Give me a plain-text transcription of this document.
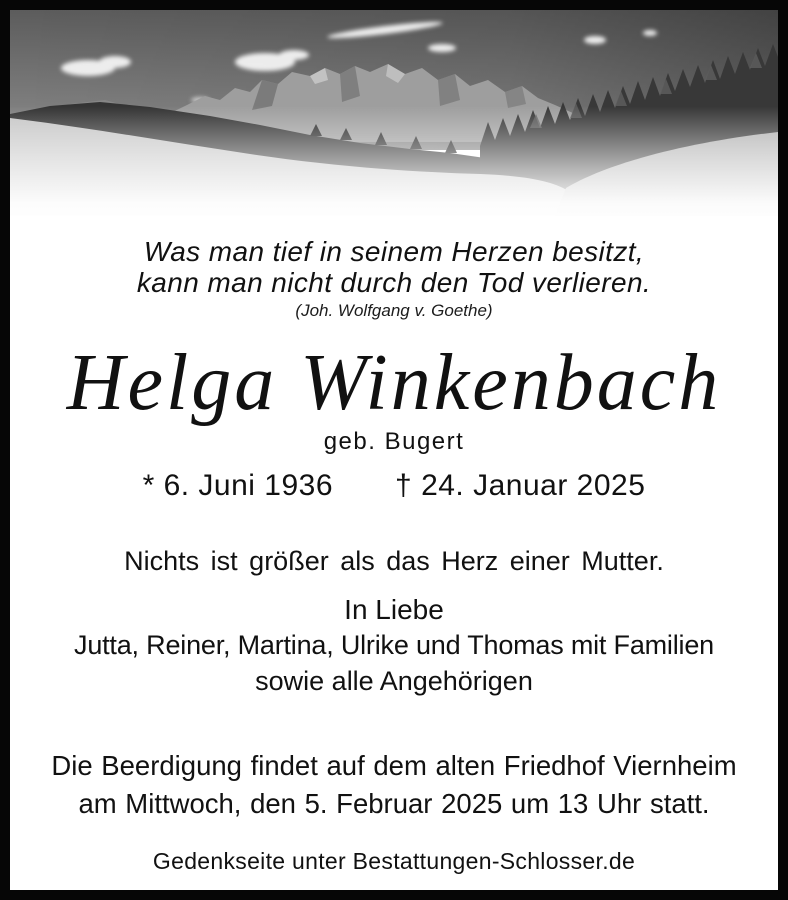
Was man tief in seinem Herzen besitzt,
kann man nicht durch den Tod verlieren.
(Joh. Wolfgang v. Goethe)
Helga Winkenbach
geb. Bugert
* 6. Juni 1936 † 24. Januar 2025
Nichts ist größer als das Herz einer Mutter.
In Liebe
Jutta, Reiner, Martina, Ulrike und Thomas mit Familien
sowie alle Angehörigen
Die Beerdigung findet auf dem alten Friedhof Viernheim
am Mittwoch, den 5. Februar 2025 um 13 Uhr statt.
Gedenkseite unter Bestattungen-Schlosser.de
